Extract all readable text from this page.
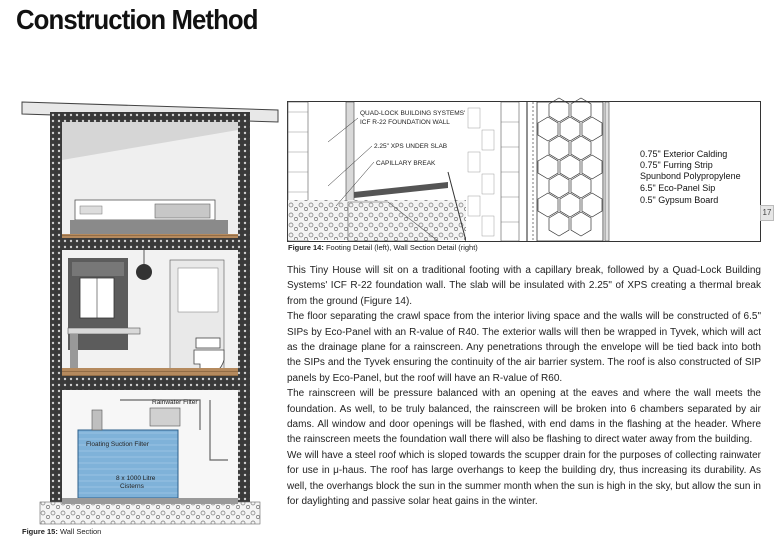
Construction Method
Rainwater Filter
Floating Suction Filter
8 x 1000 Litre
Cisterns
Figure 15: Wall Section
QUAD-LOCK BUILDING SYSTEMS'
ICF R-22 FOUNDATION WALL
2.25" XPS UNDER SLAB
CAPILLARY BREAK
0.75" Exterior Calding
0.75" Furring Strip
Spunbond Polypropylene
6.5" Eco-Panel Sip
0.5" Gypsum Board
17
Figure 14: Footing Detail (left), Wall Section Detail (right)

This Tiny House will sit on a traditional footing with a capillary break, followed by a Quad-Lock Building Systems' ICF R-22 foundation wall. The slab will be insulated with 2.25" of XPS creating a thermal break from the ground (Figure 14).

The floor separating the crawl space from the interior living space and the walls will be constructed of 6.5" SIPs by Eco-Panel with an R-value of R40. The exterior walls will then be wrapped in Tyvek, which will act as the drainage plane for a rainscreen. Any penetrations through the envelope will be tied back into both the SIPs and the Tyvek ensuring the continuity of the air barrier system. The roof is also constructed of SIP panels by Eco-Panel, but the roof will have an R-value of R60.

The rainscreen will be pressure balanced with an opening at the eaves and where the wall meets the foundation. As well, to be truly balanced, the rainscreen will be broken into 6 chambers separated by air dams. All window and door openings will be flashed, with end dams in the flashing at the header. Where the rainscreen meets the foundation wall there will also be flashing to direct water away from the building.

We will have a steel roof which is sloped towards the scupper drain for the purposes of collecting rainwater for use in μ-haus. The roof has large overhangs to keep the building dry, thus increasing its durability. As well, the overhangs block the sun in the summer month when the sun is high in the sky, but allow the sun in for daylighting and passive solar heat gains in the winter.
